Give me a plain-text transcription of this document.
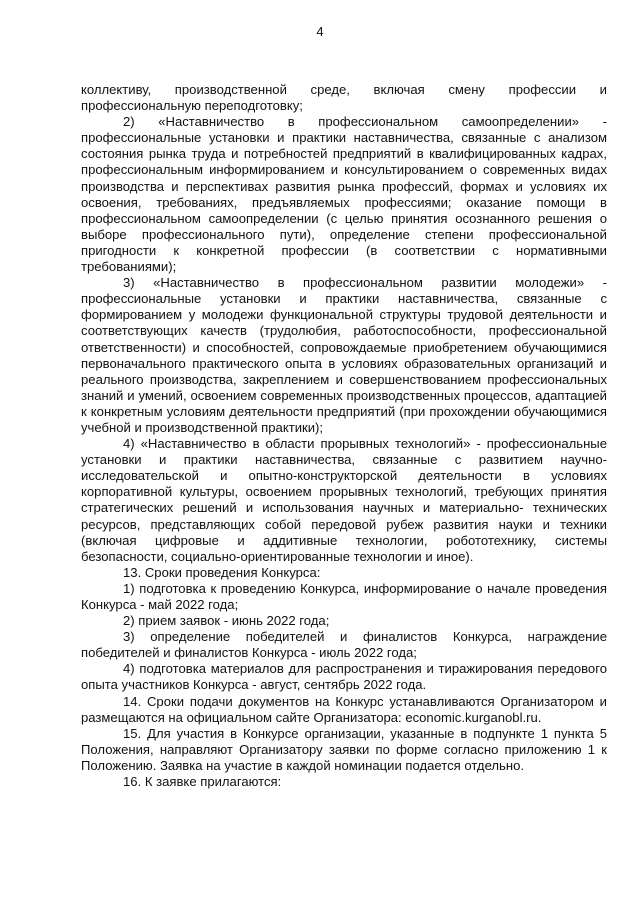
4

коллективу, производственной среде, включая смену профессии и профессиональную переподготовку;

2) «Наставничество в профессиональном самоопределении» - профессиональные установки и практики наставничества, связанные с анализом состояния рынка труда и потребностей предприятий в квалифицированных кадрах, профессиональным информированием и консультированием о современных видах производства и перспективах развития рынка профессий, формах и условиях их освоения, требованиях, предъявляемых профессиями; оказание помощи в профессиональном самоопределении (с целью принятия осознанного решения о выборе профессионального пути), определение степени профессиональной пригодности к конкретной профессии (в соответствии с нормативными требованиями);

3) «Наставничество в профессиональном развитии молодежи» - профессиональные установки и практики наставничества, связанные с формированием у молодежи функциональной структуры трудовой деятельности и соответствующих качеств (трудолюбия, работоспособности, профессиональной ответственности) и способностей, сопровождаемые приобретением обучающимися первоначального практического опыта в условиях образовательных организаций и реального производства, закреплением и совершенствованием профессиональных знаний и умений, освоением современных производственных процессов, адаптацией к конкретным условиям деятельности предприятий (при прохождении обучающимися учебной и производственной практики);

4) «Наставничество в области прорывных технологий» - профессиональные установки и практики наставничества, связанные с развитием научно-исследовательской и опытно-конструкторской деятельности в условиях корпоративной культуры, освоением прорывных технологий, требующих принятия стратегических решений и использования научных и материально- технических ресурсов, представляющих собой передовой рубеж развития науки и техники (включая цифровые и аддитивные технологии, робототехнику, системы безопасности, социально-ориентированные технологии и иное).

13. Сроки проведения Конкурса:

1) подготовка к проведению Конкурса, информирование о начале проведения Конкурса - май 2022 года;

2) прием заявок - июнь 2022 года;

3) определение победителей и финалистов Конкурса, награждение победителей и финалистов Конкурса - июль 2022 года;

4) подготовка материалов для распространения и тиражирования передового опыта участников Конкурса - август, сентябрь 2022 года.

14. Сроки подачи документов на Конкурс устанавливаются Организатором и размещаются на официальном сайте Организатора: economic.kurganobl.ru.

15. Для участия в Конкурсе организации, указанные в подпункте 1 пункта 5 Положения, направляют Организатору заявки по форме согласно приложению 1 к Положению. Заявка на участие в каждой номинации подается отдельно.

16. К заявке прилагаются:
